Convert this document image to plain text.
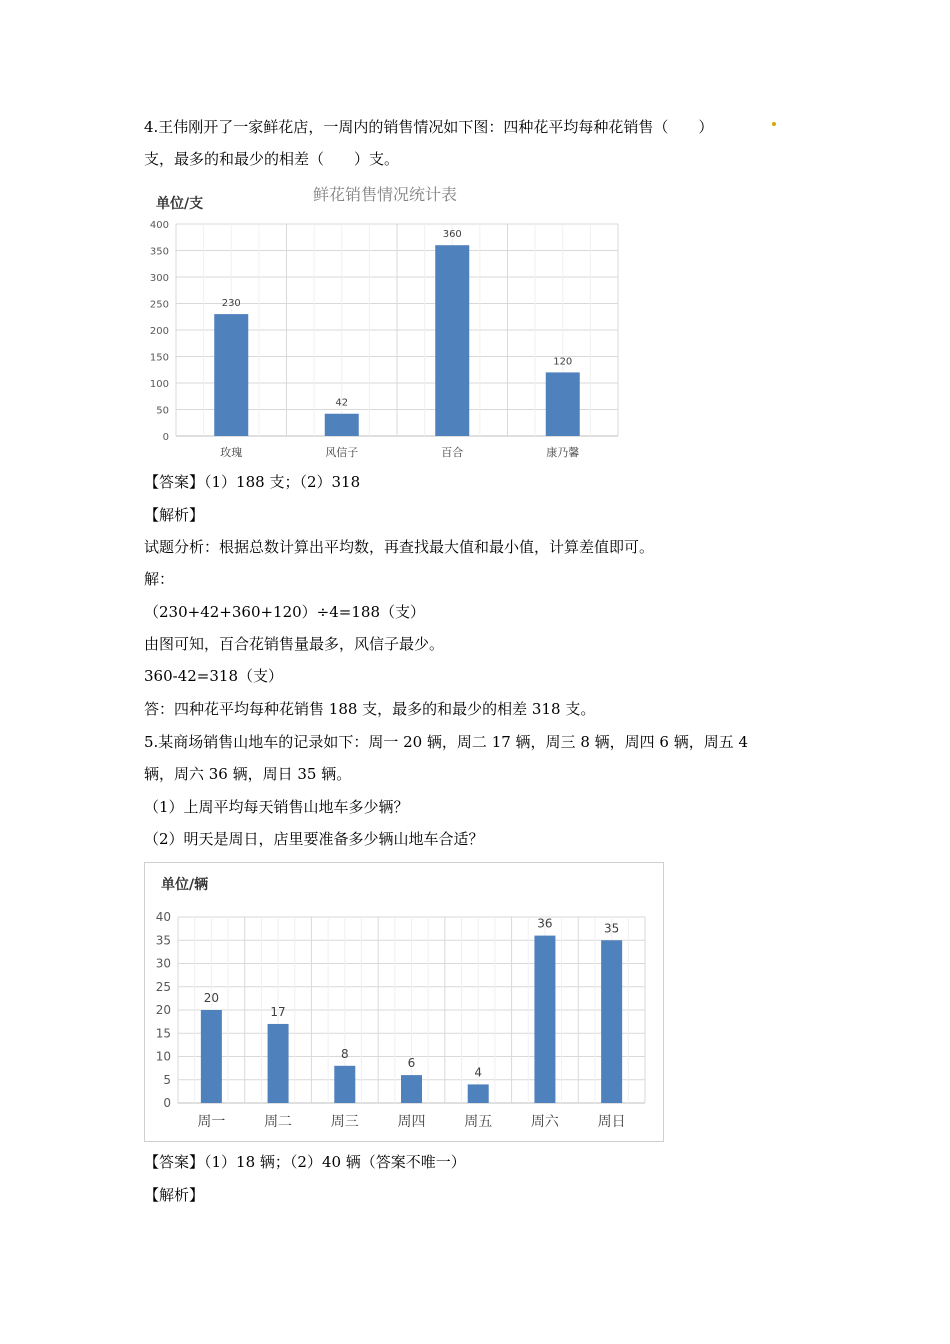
4.王伟刚开了一家鲜花店，一周内的销售情况如下图：四种花平均每种花销售（　　）
支，最多的和最少的相差（　　）支。
单位/支	鲜花销售情况统计表
0
50
100
150
200
250
300
350
400
230
玫瑰
42
风信子
360
百合
120
康乃馨
【答案】（1）188 支；（2）318
【解析】
试题分析：根据总数计算出平均数，再查找最大值和最小值，计算差值即可。
解：
（230+42+360+120）÷4=188（支）
由图可知，百合花销售量最多，风信子最少。
360-42=318（支）
答：四种花平均每种花销售 188 支，最多的和最少的相差 318 支。
5.某商场销售山地车的记录如下：周一 20 辆，周二 17 辆，周三 8 辆，周四 6 辆，周五 4
辆，周六 36 辆，周日 35 辆。
（1）上周平均每天销售山地车多少辆？
（2）明天是周日，店里要准备多少辆山地车合适？
单位/辆
0
5
10
15
20
25
30
35
40
20
周一
17
周二
8
周三
6
周四
4
周五
36
周六
35
周日
【答案】（1）18 辆；（2）40 辆（答案不唯一）
【解析】
